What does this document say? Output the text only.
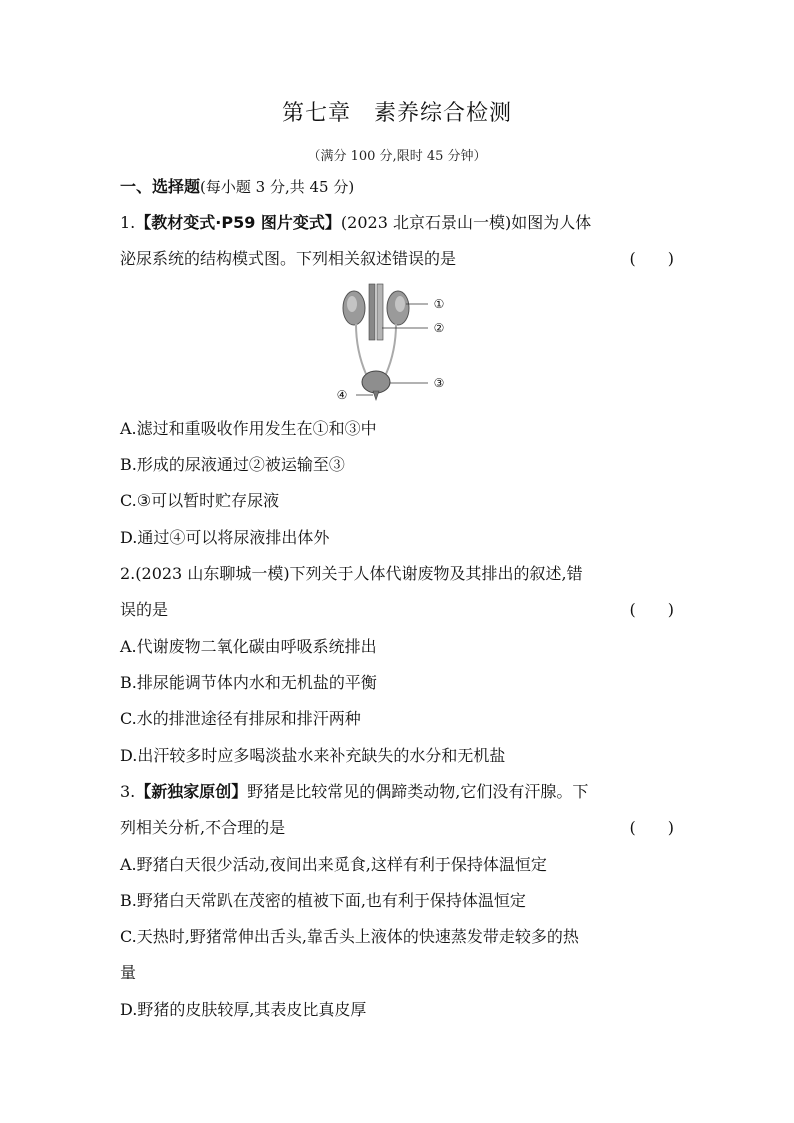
第七章　素养综合检测
（满分 100 分,限时 45 分钟）
一、选择题(每小题 3 分,共 45 分)
1.【教材变式·P59 图片变式】(2023 北京石景山一模)如图为人体
泌尿系统的结构模式图。下列相关叙述错误的是	(　　)
①
②
③
④
A.滤过和重吸收作用发生在①和③中
B.形成的尿液通过②被运输至③
C.③可以暂时贮存尿液
D.通过④可以将尿液排出体外
2.(2023 山东聊城一模)下列关于人体代谢废物及其排出的叙述,错
误的是	(　　)
A.代谢废物二氧化碳由呼吸系统排出
B.排尿能调节体内水和无机盐的平衡
C.水的排泄途径有排尿和排汗两种
D.出汗较多时应多喝淡盐水来补充缺失的水分和无机盐
3.【新独家原创】野猪是比较常见的偶蹄类动物,它们没有汗腺。下
列相关分析,不合理的是	(　　)
A.野猪白天很少活动,夜间出来觅食,这样有利于保持体温恒定
B.野猪白天常趴在茂密的植被下面,也有利于保持体温恒定
C.天热时,野猪常伸出舌头,靠舌头上液体的快速蒸发带走较多的热
量
D.野猪的皮肤较厚,其表皮比真皮厚
